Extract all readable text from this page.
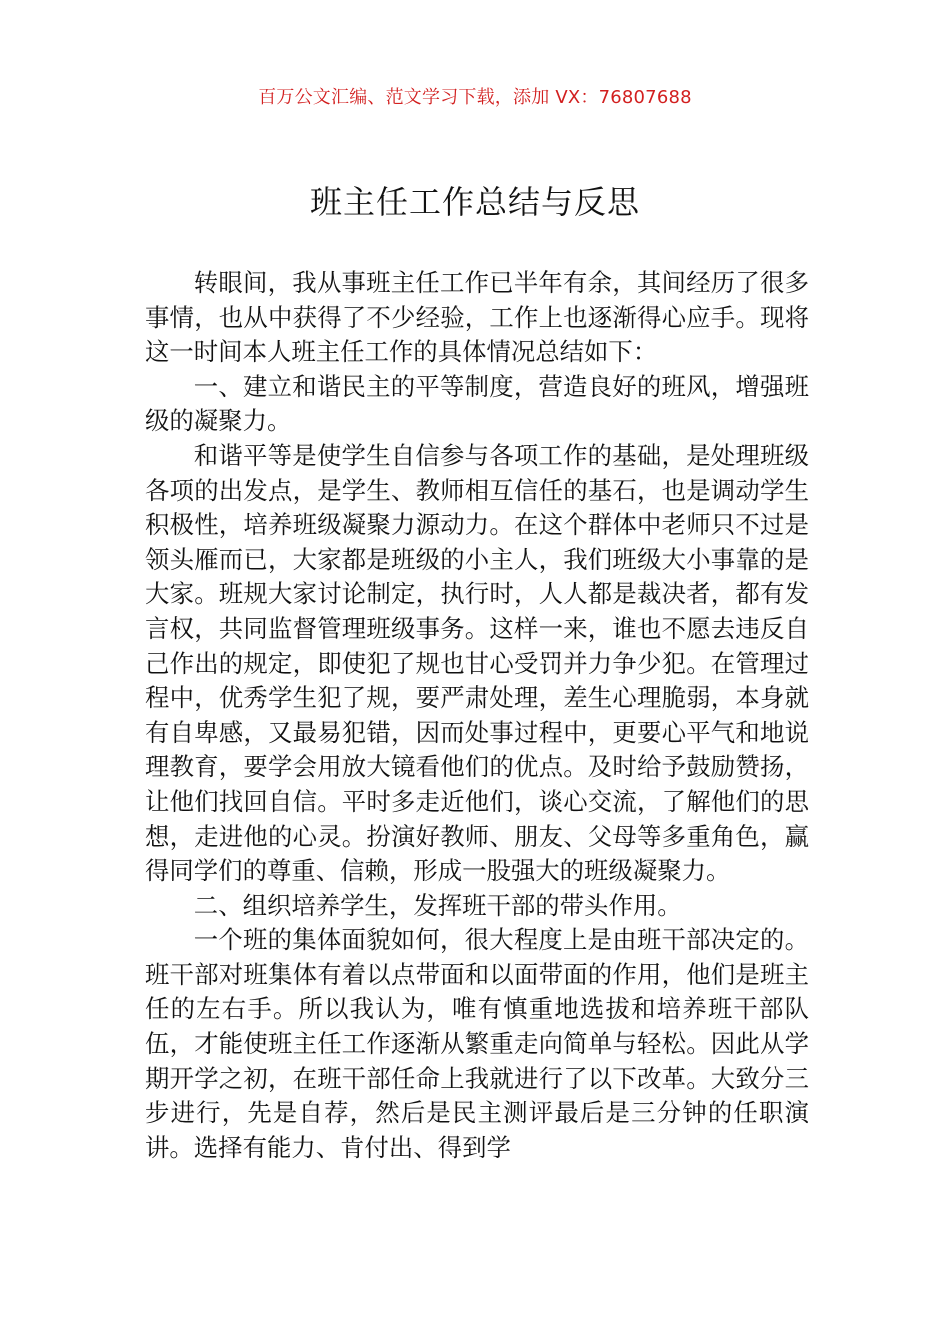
百万公文汇编、范文学习下载，添加 VX：76807688
班主任工作总结与反思

转眼间，我从事班主任工作已半年有余，其间经历了很多事情，也从中获得了不少经验，工作上也逐渐得心应手。现将这一时间本人班主任工作的具体情况总结如下：

一、建立和谐民主的平等制度，营造良好的班风，增强班级的凝聚力。

和谐平等是使学生自信参与各项工作的基础，是处理班级各项的出发点，是学生、教师相互信任的基石，也是调动学生积极性，培养班级凝聚力源动力。在这个群体中老师只不过是领头雁而已，大家都是班级的小主人，我们班级大小事靠的是大家。班规大家讨论制定，执行时，人人都是裁决者，都有发言权，共同监督管理班级事务。这样一来，谁也不愿去违反自己作出的规定，即使犯了规也甘心受罚并力争少犯。在管理过程中，优秀学生犯了规，要严肃处理，差生心理脆弱，本身就有自卑感，又最易犯错，因而处事过程中，更要心平气和地说理教育，要学会用放大镜看他们的优点。及时给予鼓励赞扬，让他们找回自信。平时多走近他们，谈心交流，了解他们的思想，走进他的心灵。扮演好教师、朋友、父母等多重角色，赢得同学们的尊重、信赖，形成一股强大的班级凝聚力。

二、组织培养学生，发挥班干部的带头作用。

一个班的集体面貌如何，很大程度上是由班干部决定的。班干部对班集体有着以点带面和以面带面的作用，他们是班主任的左右手。所以我认为，唯有慎重地选拔和培养班干部队伍，才能使班主任工作逐渐从繁重走向简单与轻松。因此从学期开学之初，在班干部任命上我就进行了以下改革。大致分三步进行，先是自荐，然后是民主测评最后是三分钟的任职演讲。选择有能力、肯付出、得到学
